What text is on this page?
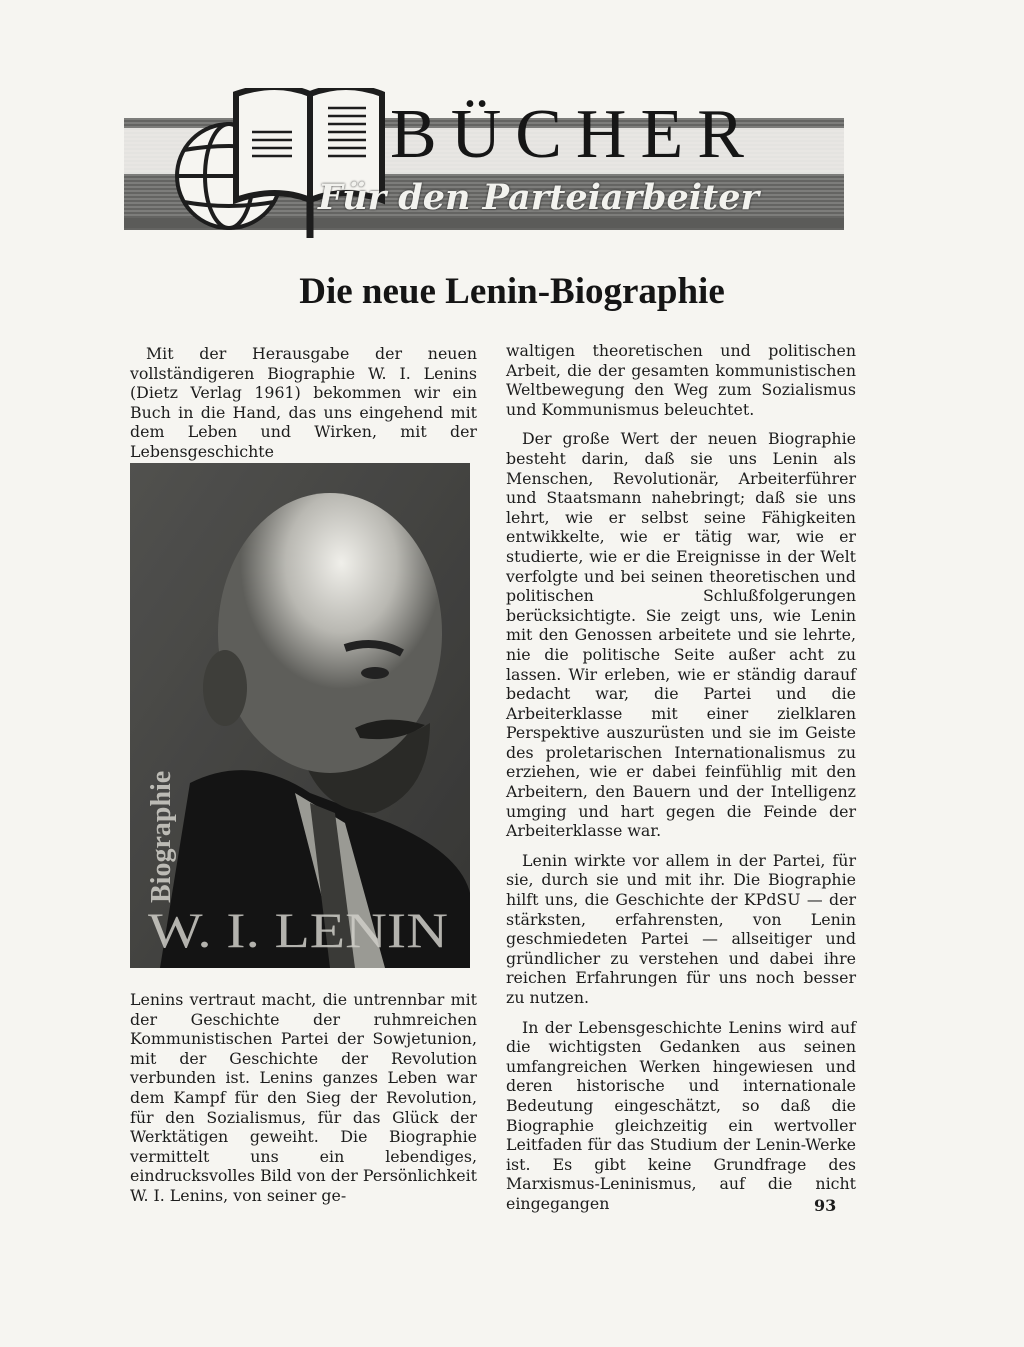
BÜCHER
Für den Parteiarbeiter
Die neue Lenin-Biographie

Mit der Herausgabe der neuen vollständigeren Biographie W. I. Lenins (Dietz Verlag 1961) bekommen wir ein Buch in die Hand, das uns eingehend mit dem Leben und Wirken, mit der Lebensgeschichte

Biographie
W. I. LENIN

Lenins vertraut macht, die untrennbar mit der Geschichte der ruhmreichen Kommunistischen Partei der Sowjetunion, mit der Geschichte der Revolution verbunden ist. Lenins ganzes Leben war dem Kampf für den Sieg der Revolution, für den Sozialismus, für das Glück der Werktätigen geweiht. Die Biographie vermittelt uns ein lebendiges, eindrucksvolles Bild von der Persönlichkeit W. I. Lenins, von seiner ge-

waltigen theoretischen und politischen Arbeit, die der gesamten kommunistischen Weltbewegung den Weg zum Sozialismus und Kommunismus beleuchtet.

Der große Wert der neuen Biographie besteht darin, daß sie uns Lenin als Menschen, Revolutionär, Arbeiterführer und Staatsmann nahebringt; daß sie uns lehrt, wie er selbst seine Fähigkeiten entwikkelte, wie er tätig war, wie er studierte, wie er die Ereignisse in der Welt verfolgte und bei seinen theoretischen und politischen Schlußfolgerungen berücksichtigte. Sie zeigt uns, wie Lenin mit den Genossen arbeitete und sie lehrte, nie die politische Seite außer acht zu lassen. Wir erleben, wie er ständig darauf bedacht war, die Partei und die Arbeiterklasse mit einer zielklaren Perspektive auszurüsten und sie im Geiste des proletarischen Internationalismus zu erziehen, wie er dabei feinfühlig mit den Arbeitern, den Bauern und der Intelligenz umging und hart gegen die Feinde der Arbeiterklasse war.

Lenin wirkte vor allem in der Partei, für sie, durch sie und mit ihr. Die Biographie hilft uns, die Geschichte der KPdSU — der stärksten, erfahrensten, von Lenin geschmiedeten Partei — allseitiger und gründlicher zu verstehen und dabei ihre reichen Erfahrungen für uns noch besser zu nutzen.

In der Lebensgeschichte Lenins wird auf die wichtigsten Gedanken aus seinen umfangreichen Werken hingewiesen und deren historische und internationale Bedeutung eingeschätzt, so daß die Biographie gleichzeitig ein wertvoller Leitfaden für das Studium der Lenin-Werke ist. Es gibt keine Grundfrage des Marxismus-Leninismus, auf die nicht eingegangen	93
